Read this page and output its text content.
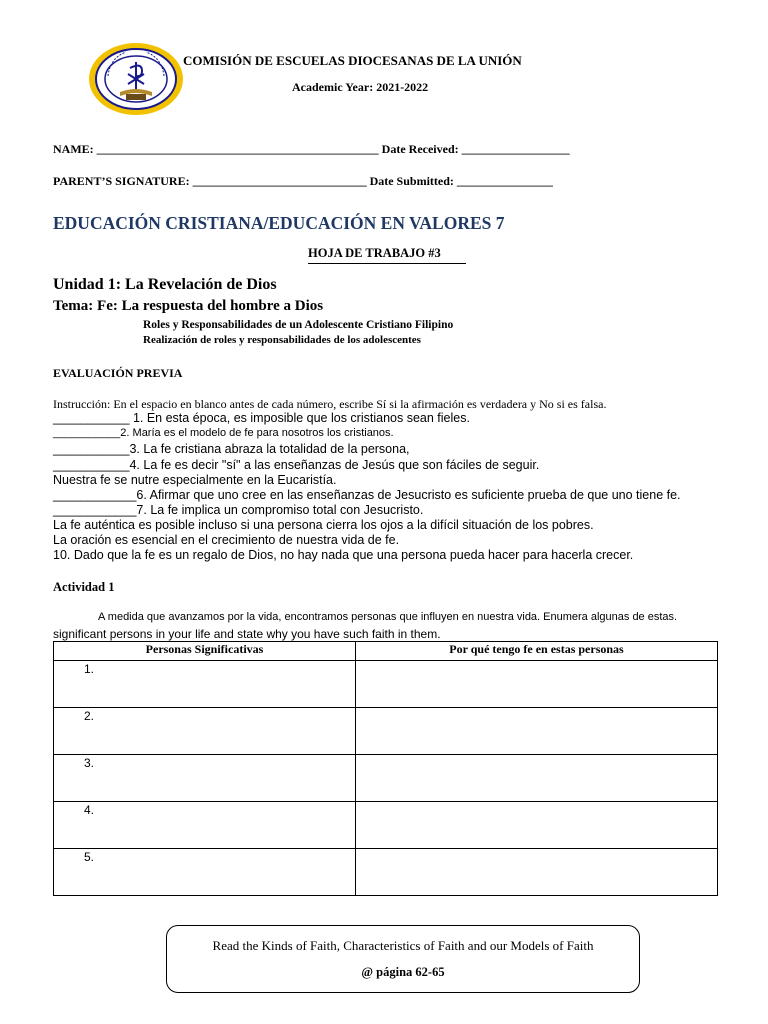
COMISIÓN DE ESCUELAS DIOCESANAS DE LA UNIÓN
Academic Year: 2021-2022
NAME: _______________________________________________ Date Received: __________________
PARENT’S SIGNATURE: _____________________________ Date Submitted: ________________
EDUCACIÓN CRISTIANA/EDUCACIÓN EN VALORES 7
HOJA DE TRABAJO #3
Unidad 1: La Revelación de Dios
Tema: Fe: La respuesta del hombre a Dios
Roles y Responsabilidades de un Adolescente Cristiano Filipino
Realización de roles y responsabilidades de los adolescentes
EVALUACIÓN PREVIA
Instrucción: En el espacio en blanco antes de cada número, escribe Sí si la afirmación es verdadera y No si es falsa.
___________ 1. En esta época, es imposible que los cristianos sean fieles.
___________2. María es el modelo de fe para nosotros los cristianos.
___________3. La fe cristiana abraza la totalidad de la persona,
___________4. La fe es decir "sí" a las enseñanzas de Jesús que son fáciles de seguir.
Nuestra fe se nutre especialmente en la Eucaristía.
____________6. Afirmar que uno cree en las enseñanzas de Jesucristo es suficiente prueba de que uno tiene fe.
____________7. La fe implica un compromiso total con Jesucristo.
La fe auténtica es posible incluso si una persona cierra los ojos a la difícil situación de los pobres.
La oración es esencial en el crecimiento de nuestra vida de fe.
10. Dado que la fe es un regalo de Dios, no hay nada que una persona pueda hacer para hacerla crecer.
Actividad 1
A medida que avanzamos por la vida, encontramos personas que influyen en nuestra vida. Enumera algunas de estas.
significant persons in your life and state why you have such faith in them.
Personas Significativas	Por qué tengo fe en estas personas

1.	

2.	

3.	

4.	

5.	

Read the Kinds of Faith, Characteristics of Faith and our Models of Faith
@ página 62-65
